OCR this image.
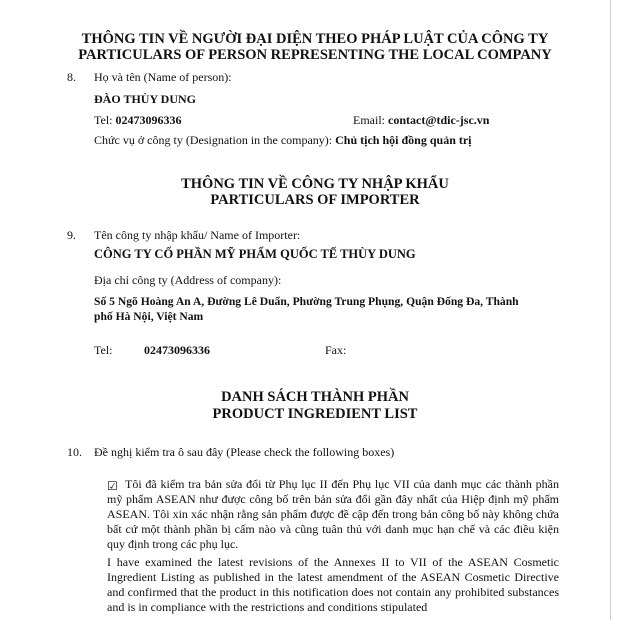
THÔNG TIN VỀ NGƯỜI ĐẠI DIỆN THEO PHÁP LUẬT CỦA CÔNG TY
PARTICULARS OF PERSON REPRESENTING THE LOCAL COMPANY
8. Họ và tên (Name of person):
ĐÀO THÙY DUNG
Tel: 02473096336	Email: contact@tdic-jsc.vn
Chức vụ ở công ty (Designation in the company): Chủ tịch hội đồng quản trị
THÔNG TIN VỀ CÔNG TY NHẬP KHẨU
PARTICULARS OF IMPORTER
9. Tên công ty nhập khẩu/ Name of Importer:
CÔNG TY CỔ PHẦN MỸ PHẨM QUỐC TẾ THÙY DUNG
Địa chỉ công ty (Address of company):
Số 5 Ngõ Hoàng An A, Đường Lê Duẩn, Phường Trung Phụng, Quận Đống Đa, Thành
phố Hà Nội, Việt Nam
Tel:	02473096336	Fax:
DANH SÁCH THÀNH PHẦN
PRODUCT INGREDIENT LIST
10. Đề nghị kiểm tra ô sau đây (Please check the following boxes)
☑ Tôi đã kiểm tra bản sửa đổi từ Phụ lục II đến Phụ lục VII của danh mục các thành phần mỹ phẩm ASEAN như được công bố trên bản sửa đổi gần đây nhất của Hiệp định mỹ phẩm ASEAN. Tôi xin xác nhận rằng sản phẩm được đề cập đến trong bản công bố này không chứa bất cứ một thành phần bị cấm nào và cũng tuân thủ với danh mục hạn chế và các điều kiện quy định trong các phụ lục.
I have examined the latest revisions of the Annexes II to VII of the ASEAN Cosmetic Ingredient Listing as published in the latest amendment of the ASEAN Cosmetic Directive and confirmed that the product in this notification does not contain any prohibited substances and is in compliance with the restrictions and conditions stipulated
